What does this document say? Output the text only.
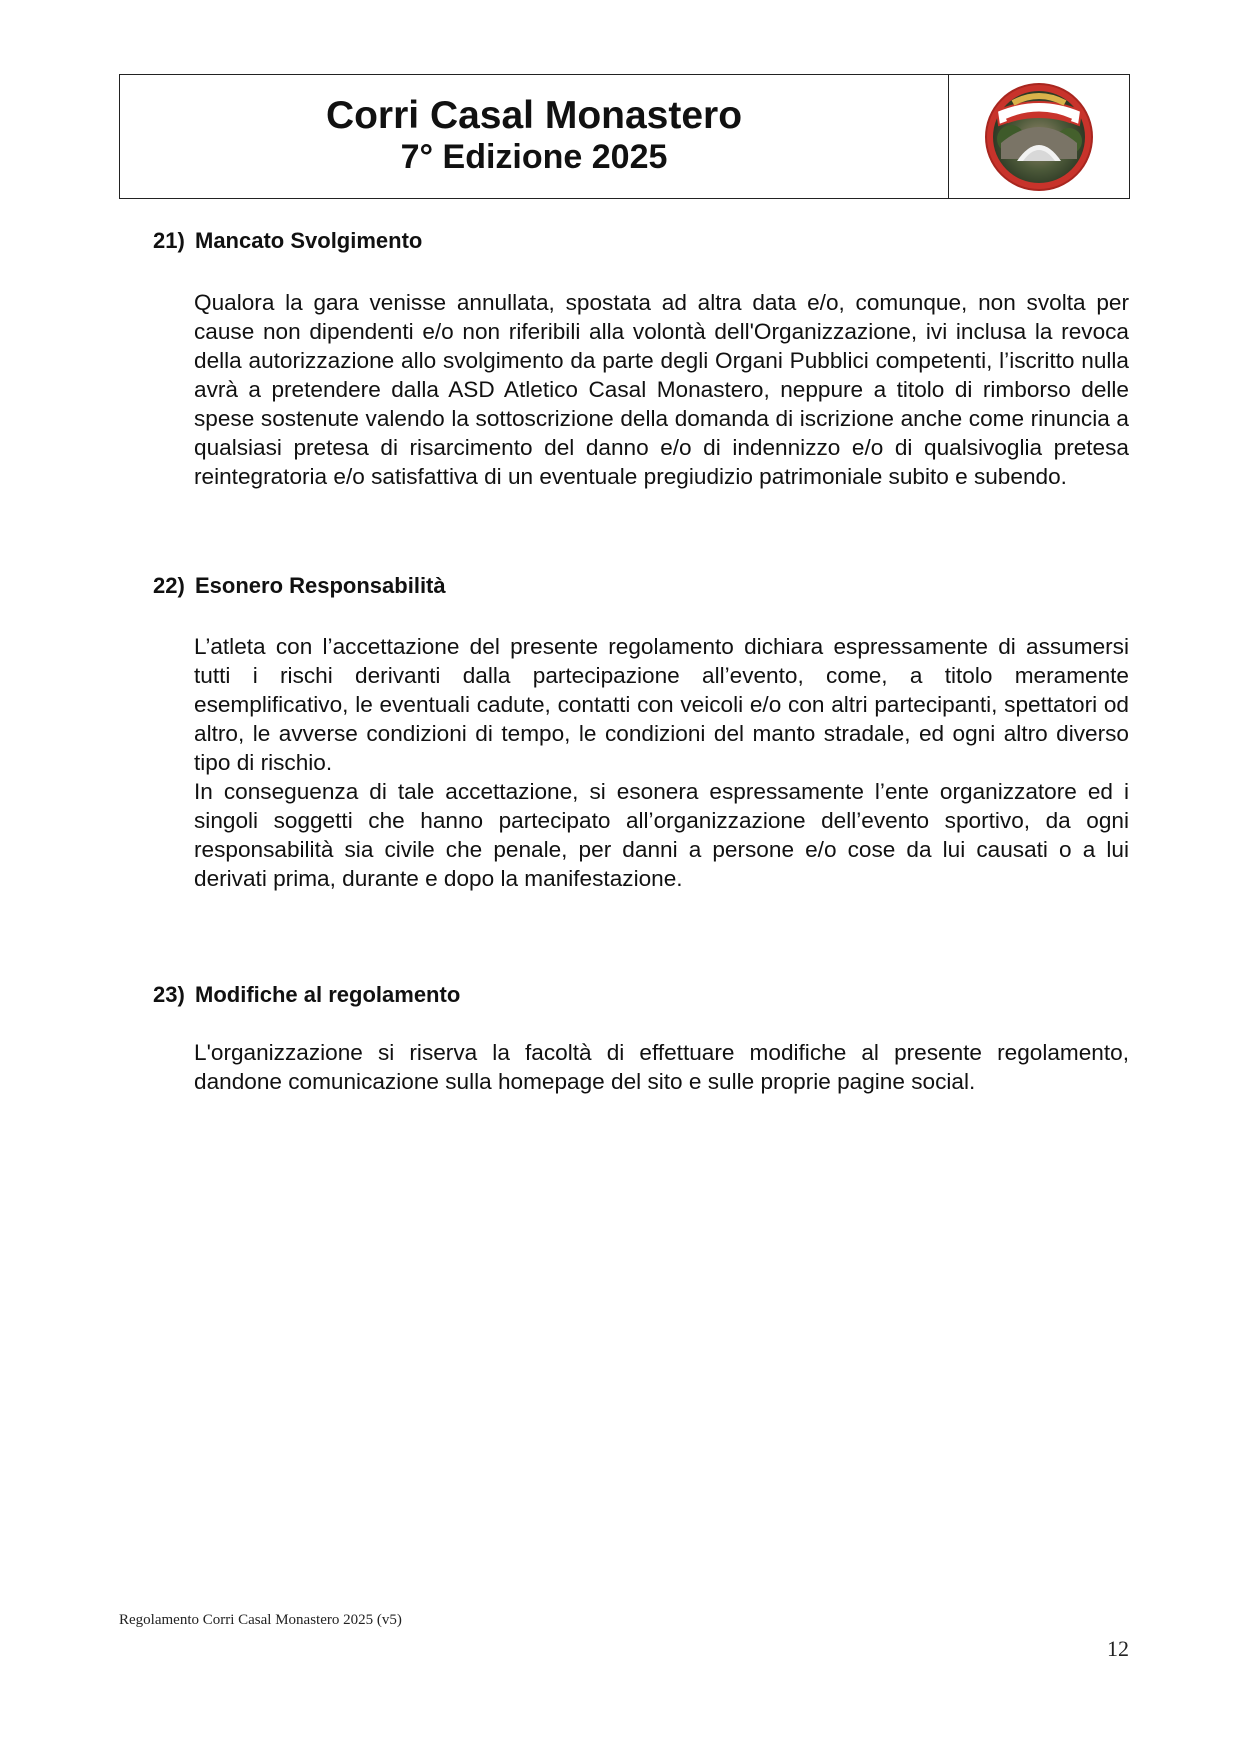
Corri Casal Monastero
7° Edizione 2025
21) Mancato Svolgimento

Qualora la gara venisse annullata, spostata ad altra data e/o, comunque, non svolta per cause non dipendenti e/o non riferibili alla volontà dell'Organizzazione, ivi inclusa la revoca della autorizzazione allo svolgimento da parte degli Organi Pubblici competenti, l’iscritto nulla avrà a pretendere dalla ASD Atletico Casal Monastero, neppure a titolo di rimborso delle spese sostenute valendo la sottoscrizione della domanda di iscrizione anche come rinuncia a qualsiasi pretesa di risarcimento del danno e/o di indennizzo e/o di qualsivoglia pretesa reintegratoria e/o satisfattiva di un eventuale pregiudizio patrimoniale subito e subendo.

22) Esonero Responsabilità

L’atleta con l’accettazione del presente regolamento dichiara espressamente di assumersi tutti i rischi derivanti dalla partecipazione all’evento, come, a titolo meramente esemplificativo, le eventuali cadute, contatti con veicoli e/o con altri partecipanti, spettatori od altro, le avverse condizioni di tempo, le condizioni del manto stradale, ed ogni altro diverso tipo di rischio.

In conseguenza di tale accettazione, si esonera espressamente l’ente organizzatore ed i singoli soggetti che hanno partecipato all’organizzazione dell’evento sportivo, da ogni responsabilità sia civile che penale, per danni a persone e/o cose da lui causati o a lui derivati prima, durante e dopo la manifestazione.

23) Modifiche al regolamento

L'organizzazione si riserva la facoltà di effettuare modifiche al presente regolamento, dandone comunicazione sulla homepage del sito e sulle proprie pagine social.

Regolamento Corri Casal Monastero 2025 (v5)
12
